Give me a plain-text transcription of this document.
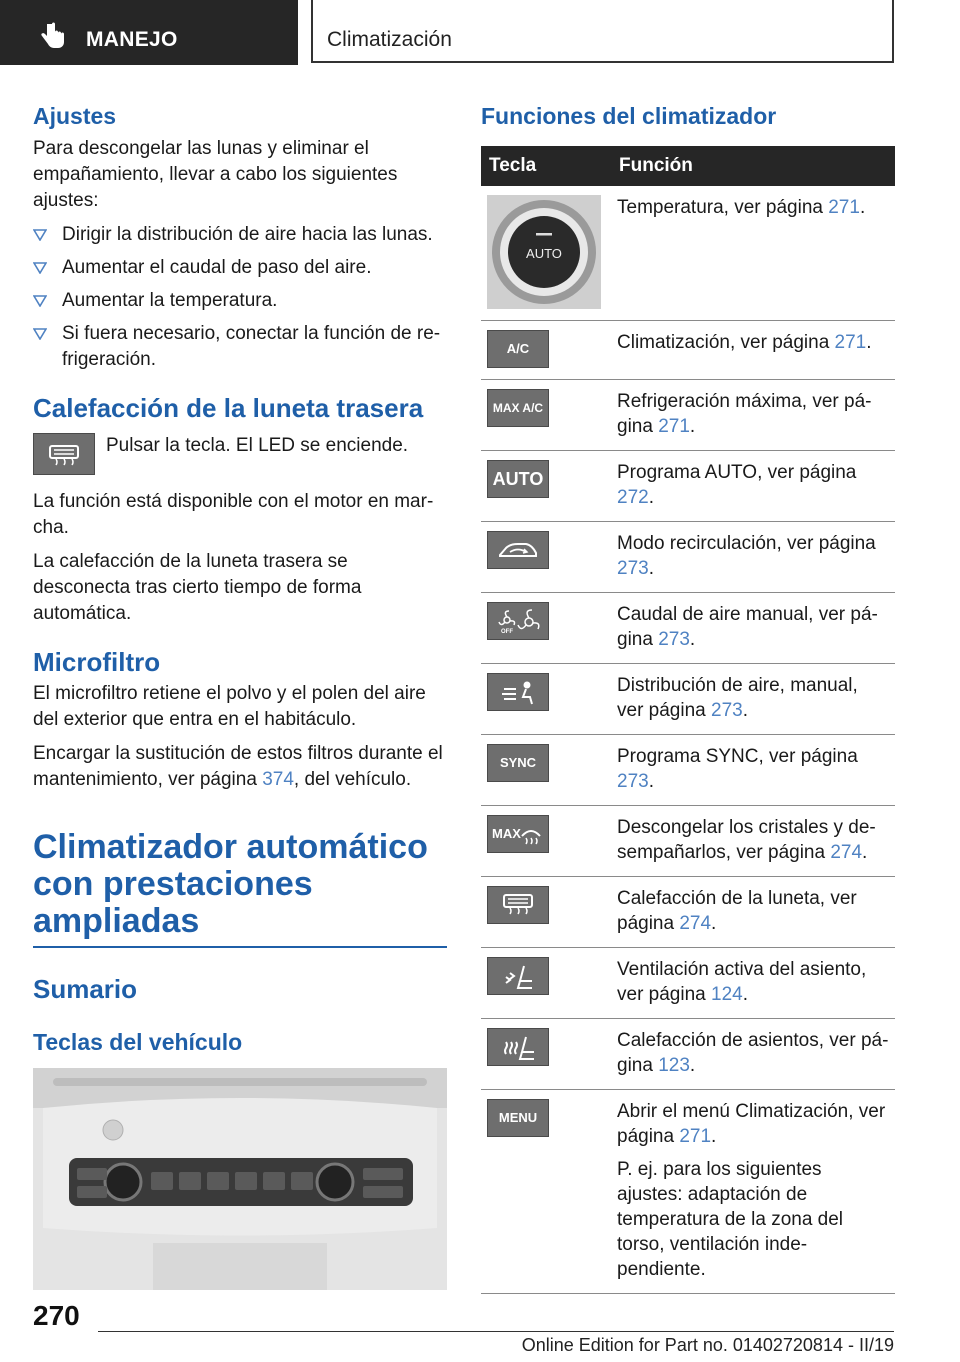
MANEJO	Climatización
Ajustes

Para descongelar las lunas y eliminar el empañamiento, llevar a cabo los siguientes ajustes:

Dirigir la distribución de aire hacia las lunas.
Aumentar el caudal de paso del aire.
Aumentar la temperatura.
Si fuera necesario, conectar la función de refrigeración.
Calefacción de la luneta trasera

Pulsar la tecla. El LED se enciende.

La función está disponible con el motor en marcha.

La calefacción de la luneta trasera se desconecta tras cierto tiempo de forma automática.

Microfiltro

El microfiltro retiene el polvo y el polen del aire del exterior que entra en el habitáculo.

Encargar la sustitución de estos filtros durante el mantenimiento, ver página 374, del vehículo.

Climatizador automático con prestaciones ampliadas
Sumario
Teclas del vehículo
Funciones del climatizador
Tecla	Función

AUTO	Temperatura, ver página 271.

A/C	Climatización, ver página 271.

MAX A/C	Refrigeración máxima, ver página 271.

AUTO	Programa AUTO, ver página 272.

Modo recirculación, ver página 273.

OFF	Caudal de aire manual, ver página 273.

Distribución de aire, manual, ver página 273.

SYNC	Programa SYNC, ver página 273.

MAX	Descongelar los cristales y desempañarlos, ver página 274.

Calefacción de la luneta, ver página 274.

Ventilación activa del asiento, ver página 124.

Calefacción de asientos, ver página 123.

MENU	Abrir el menú Climatización, ver página 271.
P. ej. para los siguientes ajustes: adaptación de temperatura de la zona del torso, ventilación independiente.
270
Online Edition for Part no. 01402720814 - II/19
